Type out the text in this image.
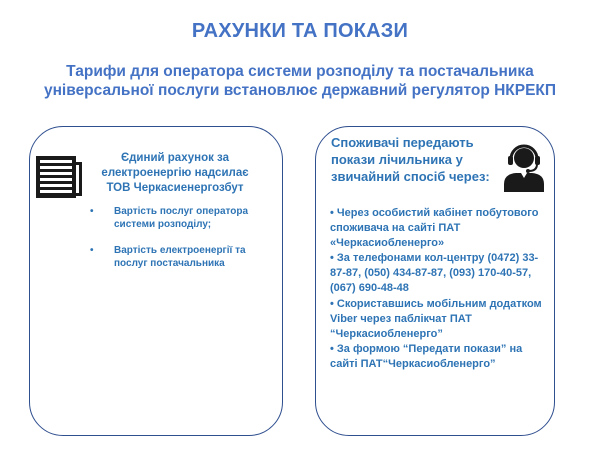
РАХУНКИ ТА ПОКАЗИ
Тарифи для оператора системи розподілу та постачальника
універсальної послуги встановлює державний регулятор НКРЕКП
Єдиний рахунок за
електроенергію надсилає
ТОВ Черкасиенергозбут
• Вартість послуг оператора системи розподілу;
• Вартість електроенергії та послуг постачальника
Споживачі передають
покази лічильника у
звичайний спосіб через:
• Через особистий кабінет побутового споживача на сайті ПАТ «Черкасиобленерго»
• За телефонами кол-центру (0472) 33-87-87, (050) 434-87-87, (093) 170-40-57, (067) 690-48-48
• Скориставшись мобільним додатком Viber через паблікчат ПАТ “Черкасиобленерго”
• За формою “Передати покази” на сайті ПАТ“Черкасиобленерго”
